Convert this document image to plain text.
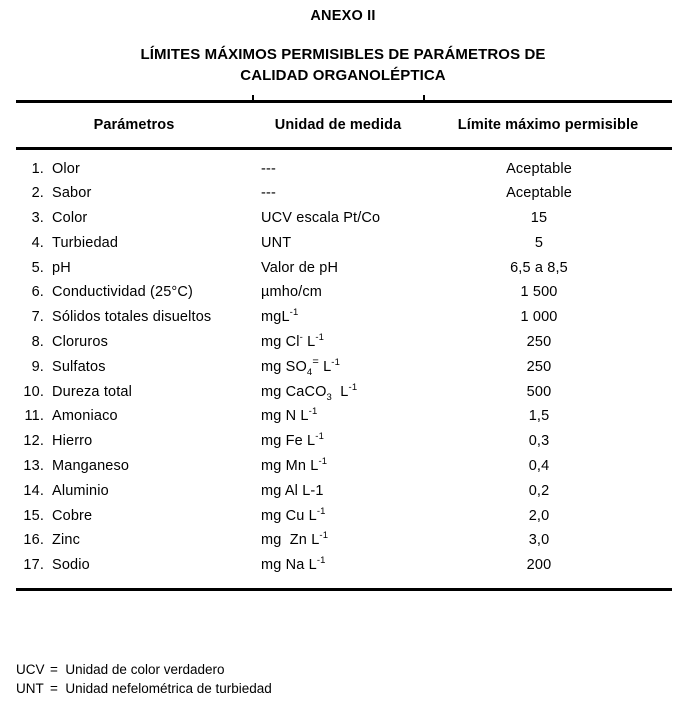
ANEXO II
LÍMITES MÁXIMOS PERMISIBLES DE PARÁMETROS DE
CALIDAD ORGANOLÉPTICA
Parámetros	Unidad de medida	Límite máximo permisible
1. Olor	---	Aceptable
2. Sabor	---	Aceptable
3. Color	UCV escala Pt/Co	15
4. Turbiedad	UNT	5
5. pH	Valor de pH	6,5 a 8,5
6. Conductividad (25°C)	µmho/cm	1 500
7. Sólidos totales disueltos	mgL$^{-1}$	1 000
8. Cloruros	mg Cl- $L^{-1}$	250
9. Sulfatos	mg $SO_4^=$ $L^{-1}$	250
10. Dureza total	mg CaCO$_3$  $L^{-1}$	500
11. Amoniaco	mg N $L^{-1}$	1,5
12. Hierro	mg Fe $L^{-1}$	0,3
13. Manganeso	mg Mn $L^{-1}$	0,4
14. Aluminio	mg Al L-1	0,2
15. Cobre	mg Cu $L^{-1}$	2,0
16. Zinc	mg  Zn $L^{-1}$	3,0
17. Sodio	mg Na $L^{-1}$	200
UCV =  Unidad de color verdadero
UNT =  Unidad nefelométrica de turbiedad
